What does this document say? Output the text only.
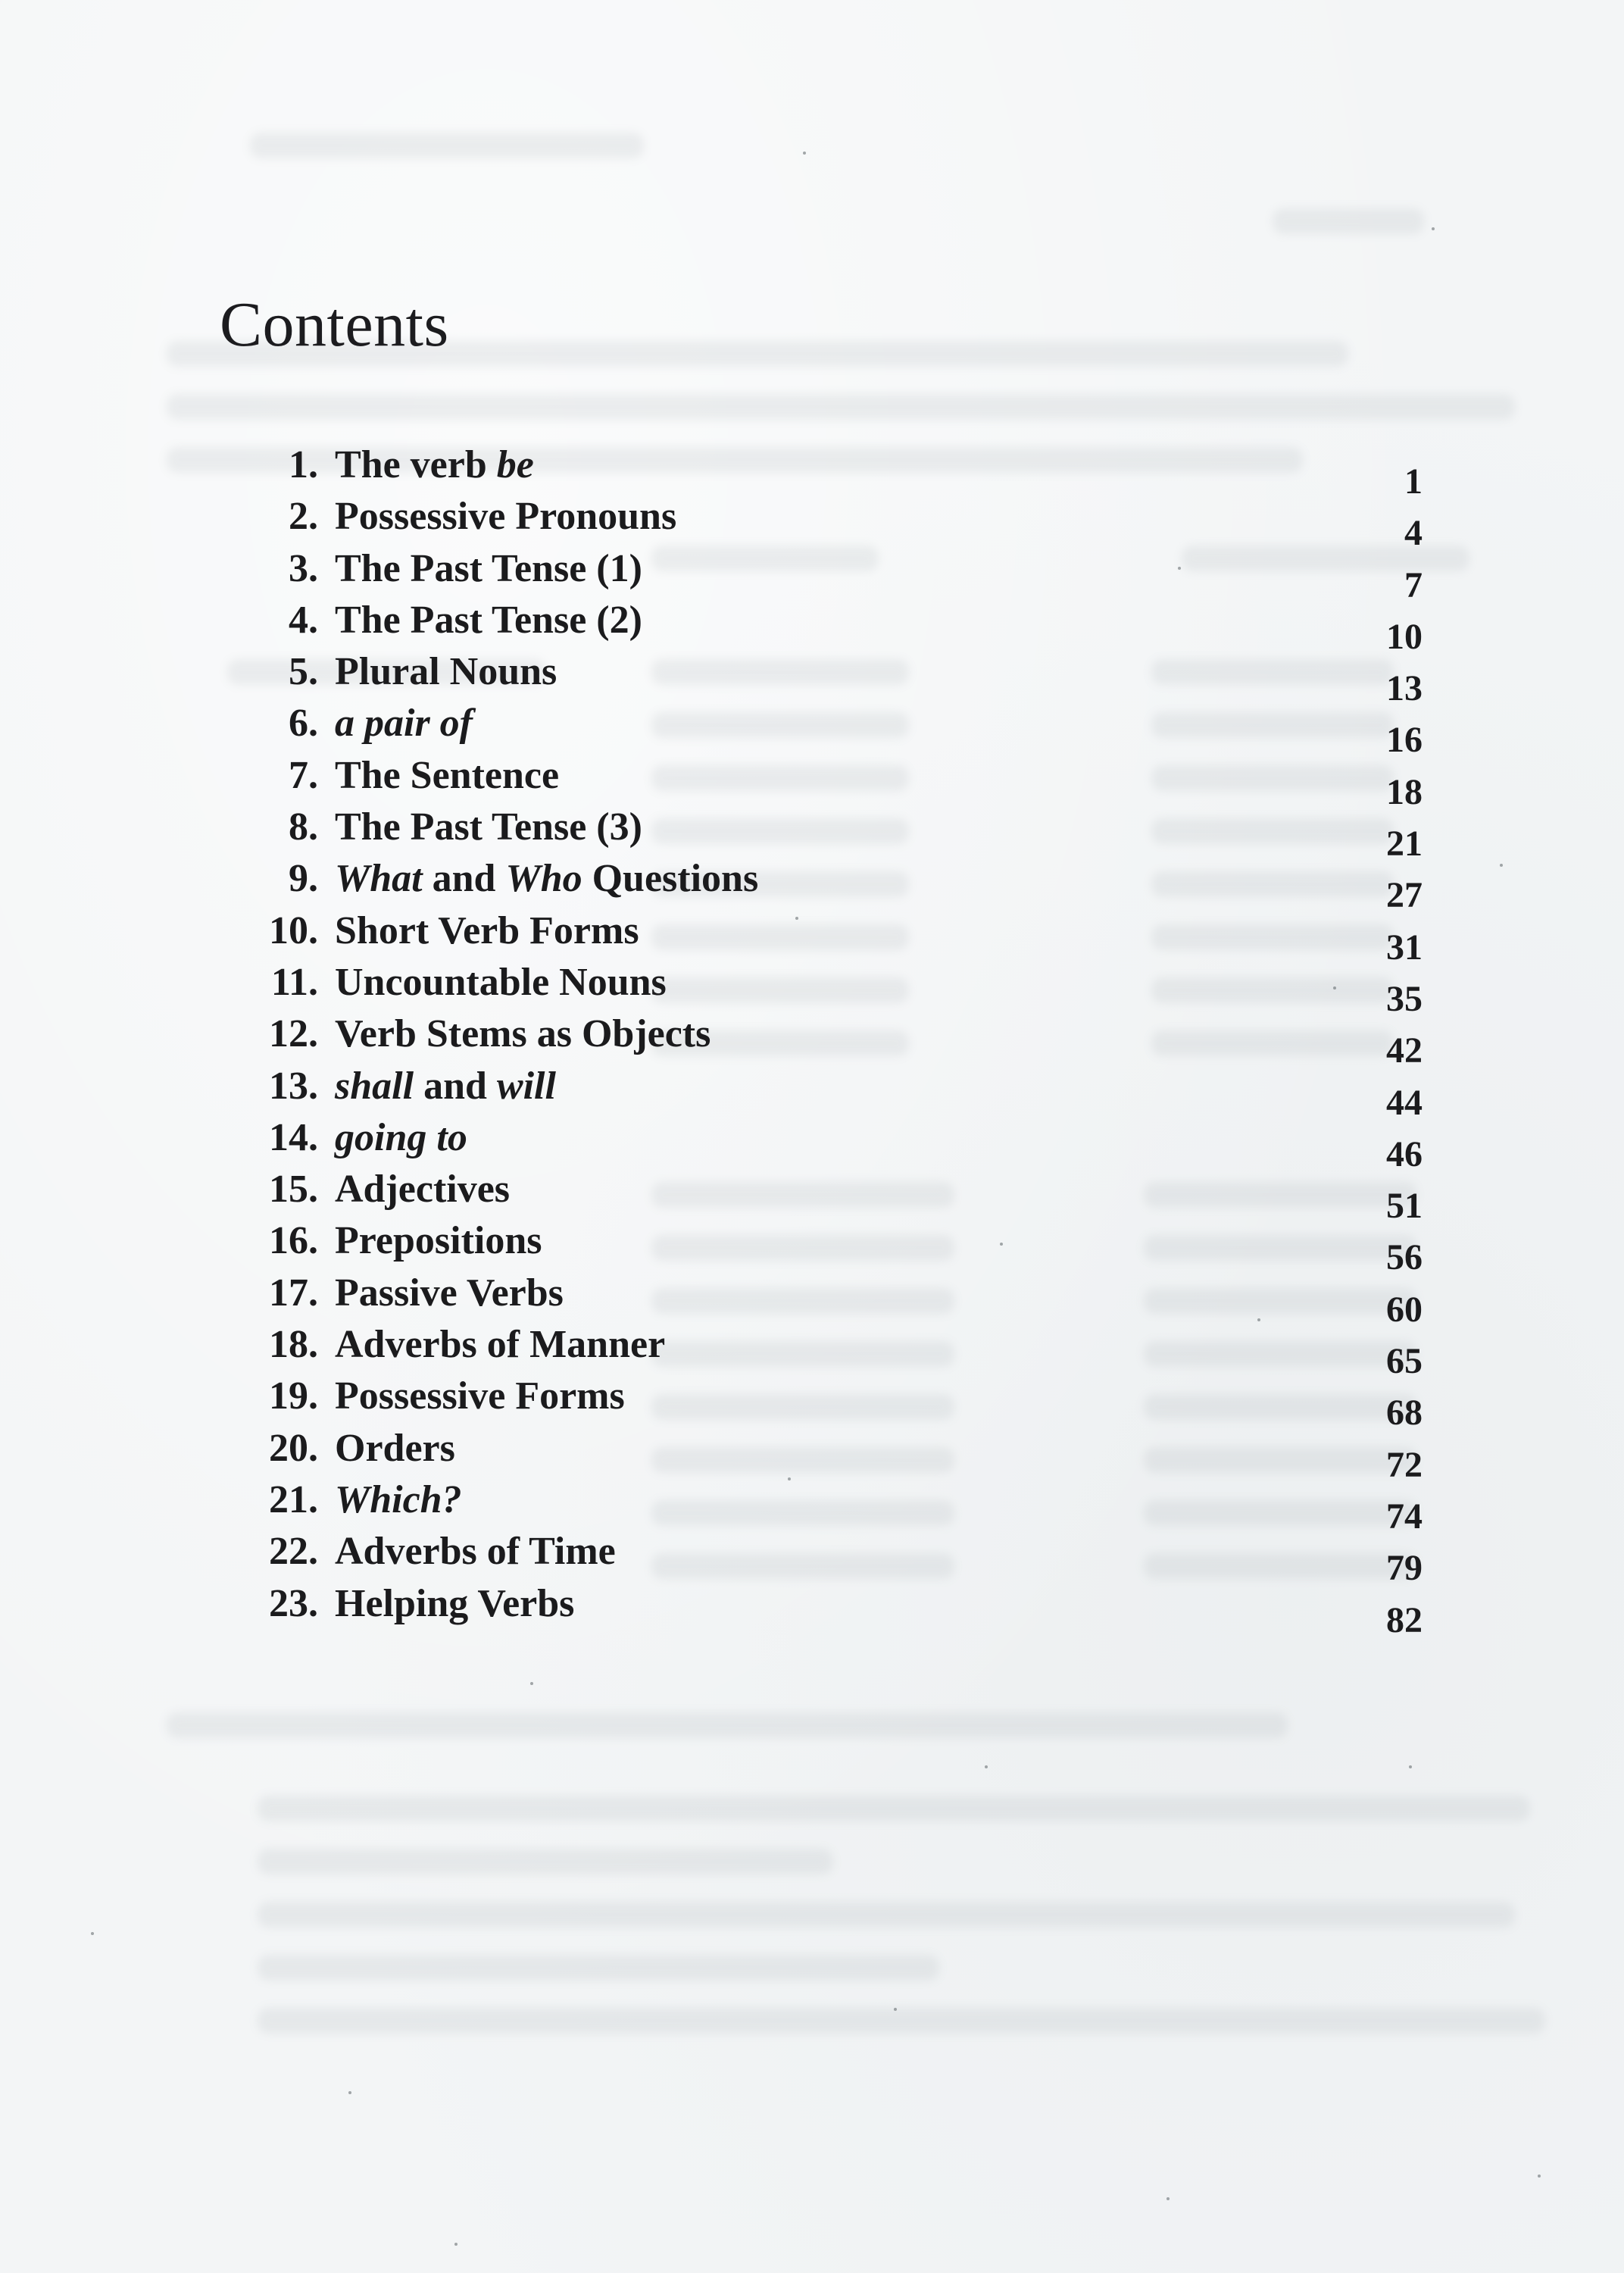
Contents
1. The verb be	1
2. Possessive Pronouns	4
3. The Past Tense (1)	7
4. The Past Tense (2)	10
5. Plural Nouns	13
6. a pair of	16
7. The Sentence	18
8. The Past Tense (3)	21
9. What and Who Questions	27
10. Short Verb Forms	31
11. Uncountable Nouns	35
12. Verb Stems as Objects	42
13. shall and will	44
14. going to	46
15. Adjectives	51
16. Prepositions	56
17. Passive Verbs	60
18. Adverbs of Manner	65
19. Possessive Forms	68
20. Orders	72
21. Which?	74
22. Adverbs of Time	79
23. Helping Verbs	82
